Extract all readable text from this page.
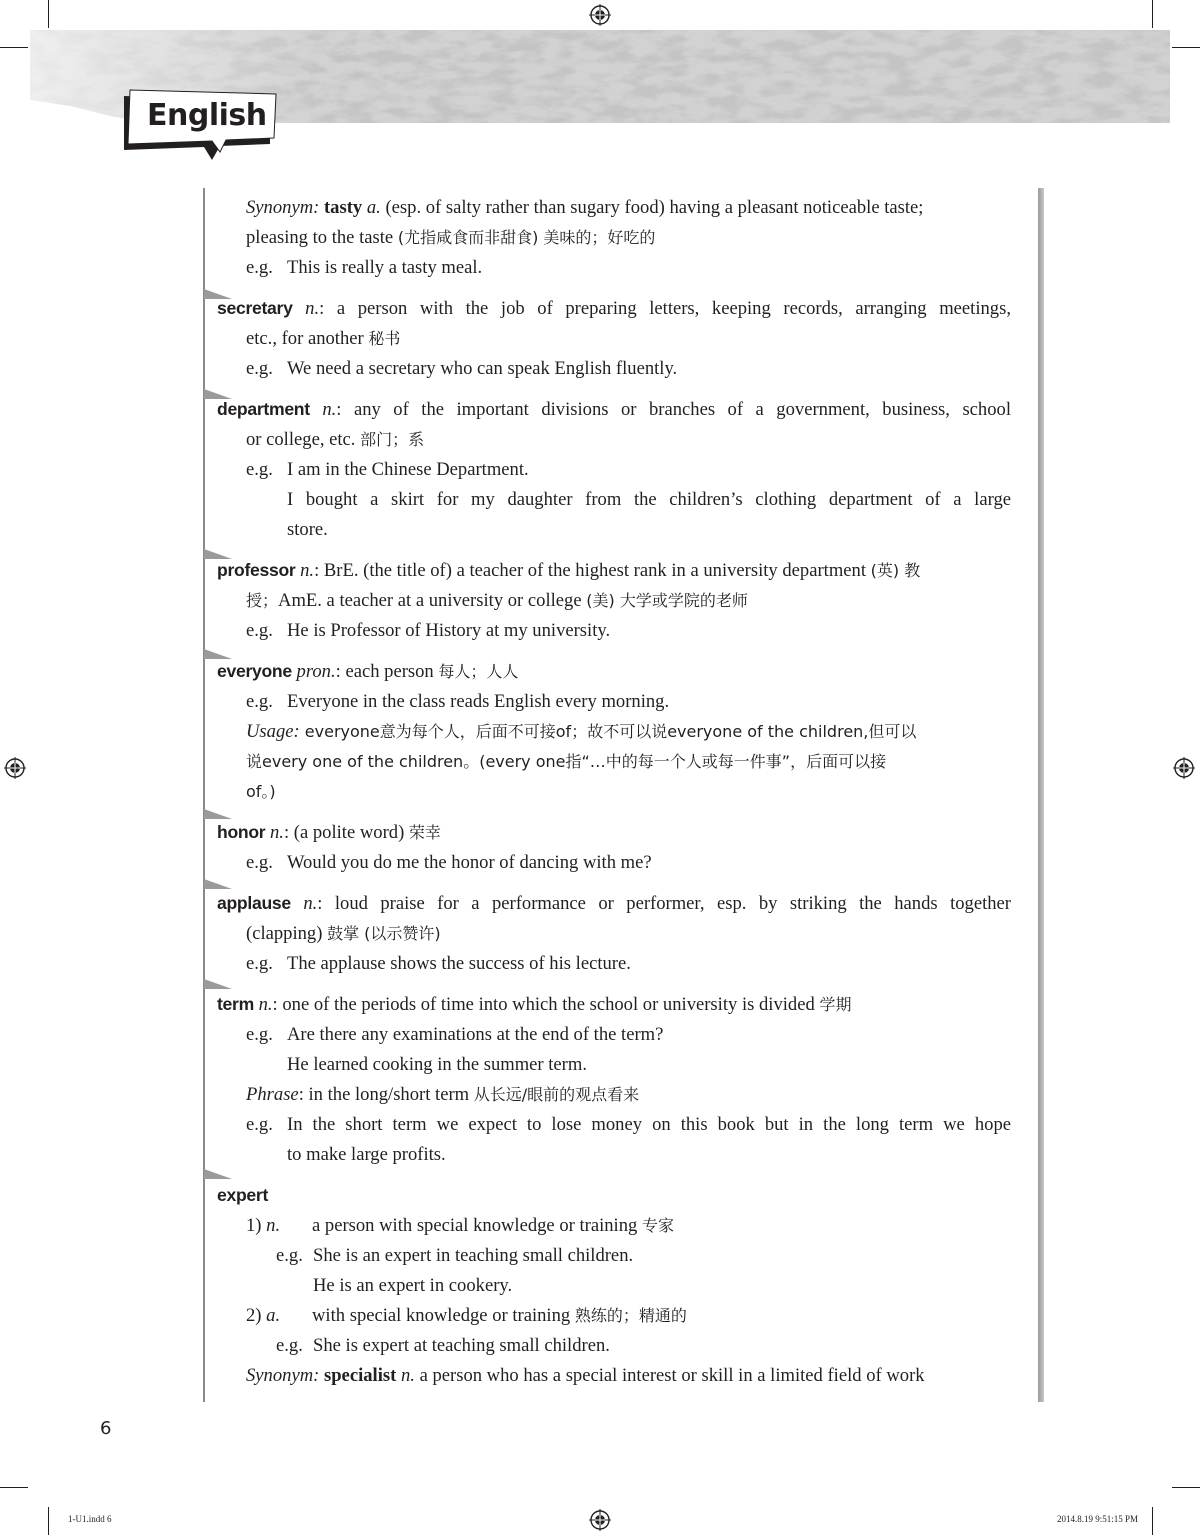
English
Synonym: tasty a. (esp. of salty rather than sugary food) having a pleasant noticeable taste;
pleasing to the taste (尤指咸食而非甜食) 美味的；好吃的
e.g. This is really a tasty meal.
secretary n.: a person with the job of preparing letters, keeping records, arranging meetings,
etc., for another 秘书
e.g. We need a secretary who can speak English fluently.
department n.: any of the important divisions or branches of a government, business, school
or college, etc. 部门；系
e.g. I am in the Chinese Department.
I bought a skirt for my daughter from the children’s clothing department of a large
store.
professor n.: BrE. (the title of) a teacher of the highest rank in a university department (英) 教
授；AmE. a teacher at a university or college (美) 大学或学院的老师
e.g. He is Professor of History at my university.
everyone pron.: each person 每人；人人
e.g. Everyone in the class reads English every morning.
Usage: everyone意为每个人，后面不可接of；故不可以说everyone of the children,但可以
说every one of the children。(every one指“…中的每一个人或每一件事”，后面可以接
of。)
honor n.: (a polite word) 荣幸
e.g. Would you do me the honor of dancing with me?
applause n.: loud praise for a performance or performer, esp. by striking the hands together
(clapping) 鼓掌 (以示赞许)
e.g. The applause shows the success of his lecture.
term n.: one of the periods of time into which the school or university is divided 学期
e.g. Are there any examinations at the end of the term?
He learned cooking in the summer term.
Phrase: in the long/short term 从长远/眼前的观点看来
e.g. In the short term we expect to lose money on this book but in the long term we hope
to make large profits.
expert
1) n. a person with special knowledge or training 专家
e.g. She is an expert in teaching small children.
He is an expert in cookery.
2) a. with special knowledge or training 熟练的；精通的
e.g. She is expert at teaching small children.
Synonym: specialist n. a person who has a special interest or skill in a limited field of work
6
1-U1.indd 6	2014.8.19 9:51:15 PM
